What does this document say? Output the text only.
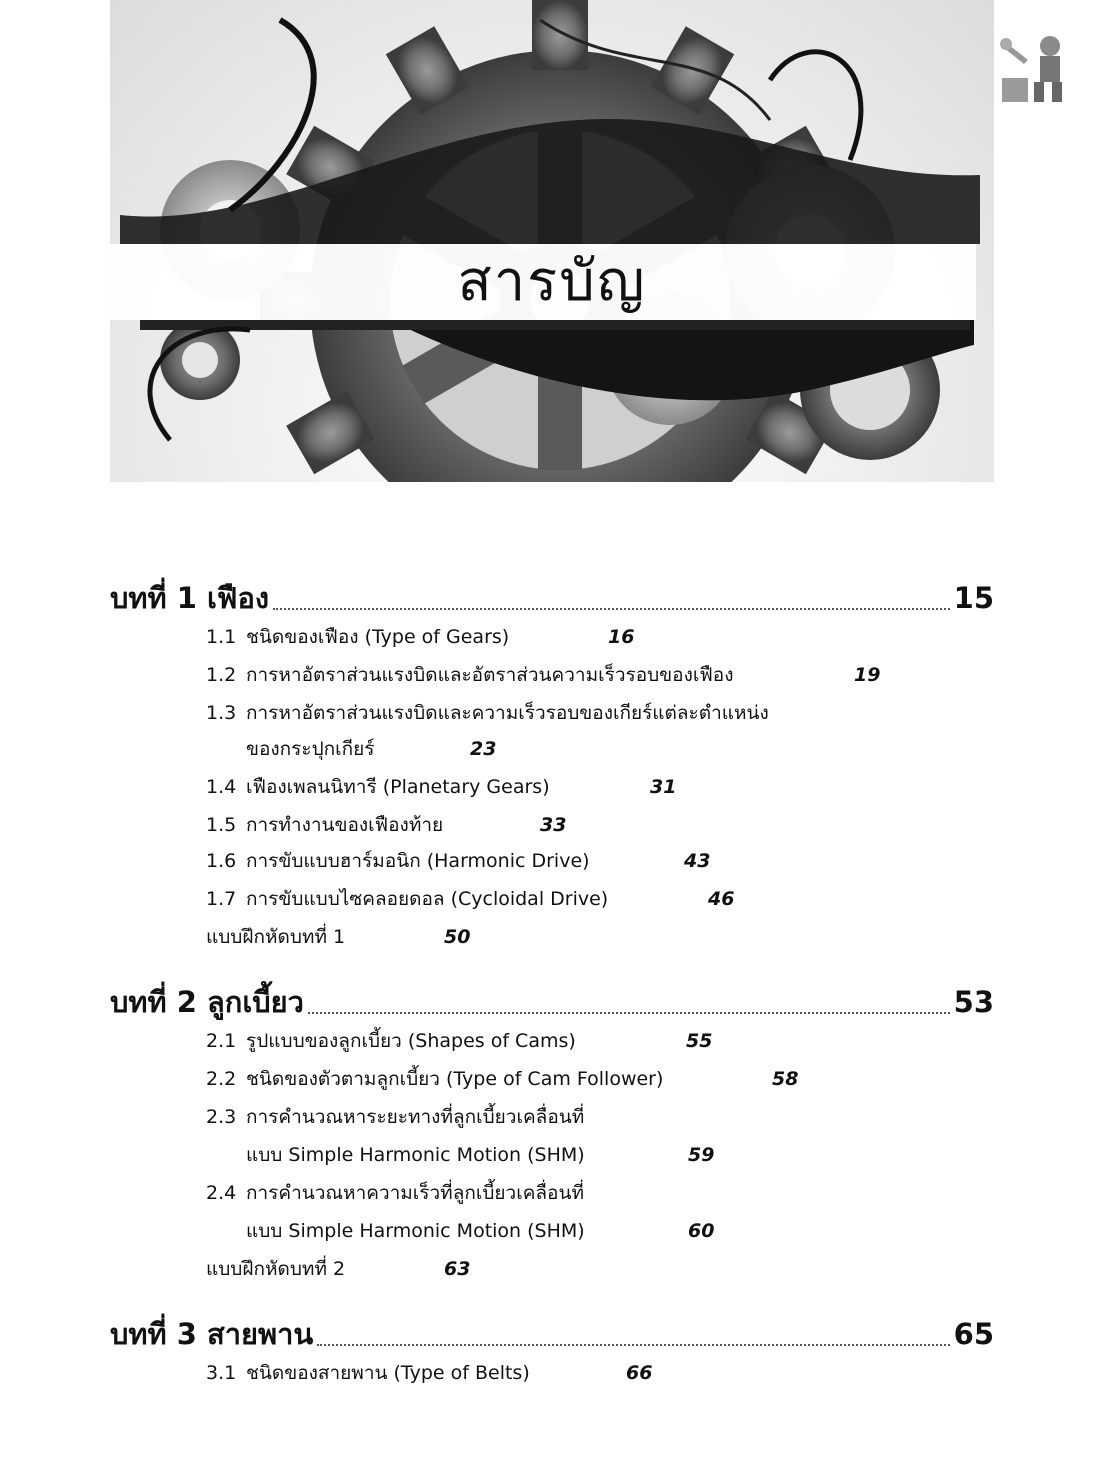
สารบัญ
บทที่ 1 เฟือง	15
1.1 ชนิดของเฟือง (Type of Gears)	16
1.2 การหาอัตราส่วนแรงบิดและอัตราส่วนความเร็วรอบของเฟือง	19
1.3 การหาอัตราส่วนแรงบิดและความเร็วรอบของเกียร์แต่ละตำแหน่ง
ของกระปุกเกียร์	23
1.4 เฟืองเพลนนิทารี (Planetary Gears)	31
1.5 การทำงานของเฟืองท้าย	33
1.6 การขับแบบฮาร์มอนิก (Harmonic Drive)	43
1.7 การขับแบบไซคลอยดอล (Cycloidal Drive)	46
แบบฝึกหัดบทที่ 1	50
บทที่ 2 ลูกเบี้ยว	53
2.1 รูปแบบของลูกเบี้ยว (Shapes of Cams)	55
2.2 ชนิดของตัวตามลูกเบี้ยว (Type of Cam Follower)	58
2.3 การคำนวณหาระยะทางที่ลูกเบี้ยวเคลื่อนที่
แบบ Simple Harmonic Motion (SHM)	59
2.4 การคำนวณหาความเร็วที่ลูกเบี้ยวเคลื่อนที่
แบบ Simple Harmonic Motion (SHM)	60
แบบฝึกหัดบทที่ 2	63
บทที่ 3 สายพาน	65
3.1 ชนิดของสายพาน (Type of Belts)	66
